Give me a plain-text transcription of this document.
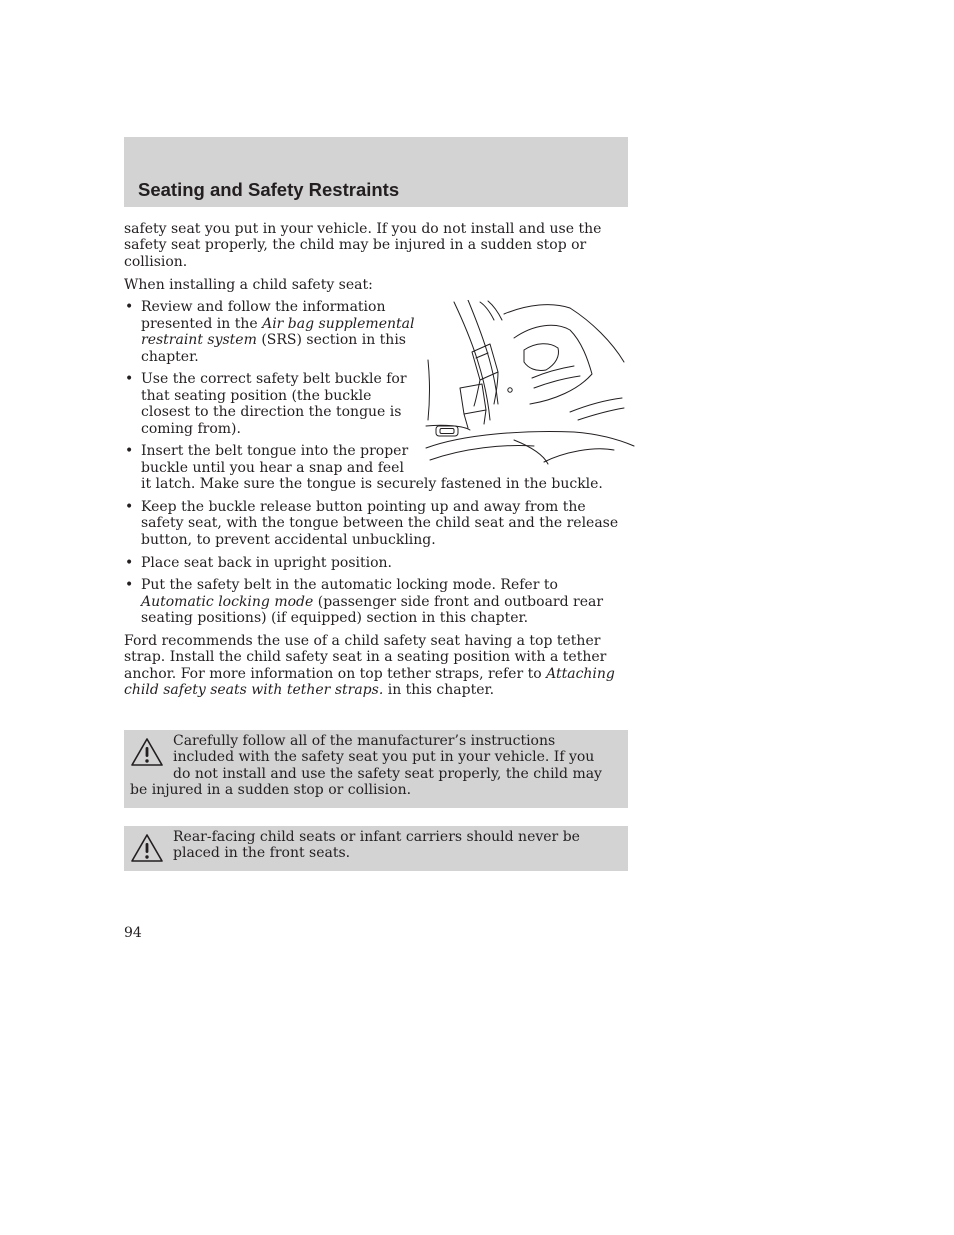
Seating and Safety Restraints

safety seat you put in your vehicle. If you do not install and use the safety seat properly, the child may be injured in a sudden stop or collision.

When installing a child safety seat:

• Review and follow the information presented in the Air bag supplemental restraint system (SRS) section in this chapter.
• Use the correct safety belt buckle for that seating position (the buckle closest to the direction the tongue is coming from).
• Insert the belt tongue into the proper buckle until you hear a snap and feel it latch. Make sure the tongue is securely fastened in the buckle.
• Keep the buckle release button pointing up and away from the safety seat, with the tongue between the child seat and the release button, to prevent accidental unbuckling.
• Place seat back in upright position.
• Put the safety belt in the automatic locking mode. Refer to Automatic locking mode (passenger side front and outboard rear seating positions) (if equipped) section in this chapter.

Ford recommends the use of a child safety seat having a top tether strap. Install the child safety seat in a seating position with a tether anchor. For more information on top tether straps, refer to Attaching child safety seats with tether straps. in this chapter.

Carefully follow all of the manufacturer’s instructions included with the safety seat you put in your vehicle. If you do not install and use the safety seat properly, the child may be injured in a sudden stop or collision.
Rear-facing child seats or infant carriers should never be placed in the front seats.

94
